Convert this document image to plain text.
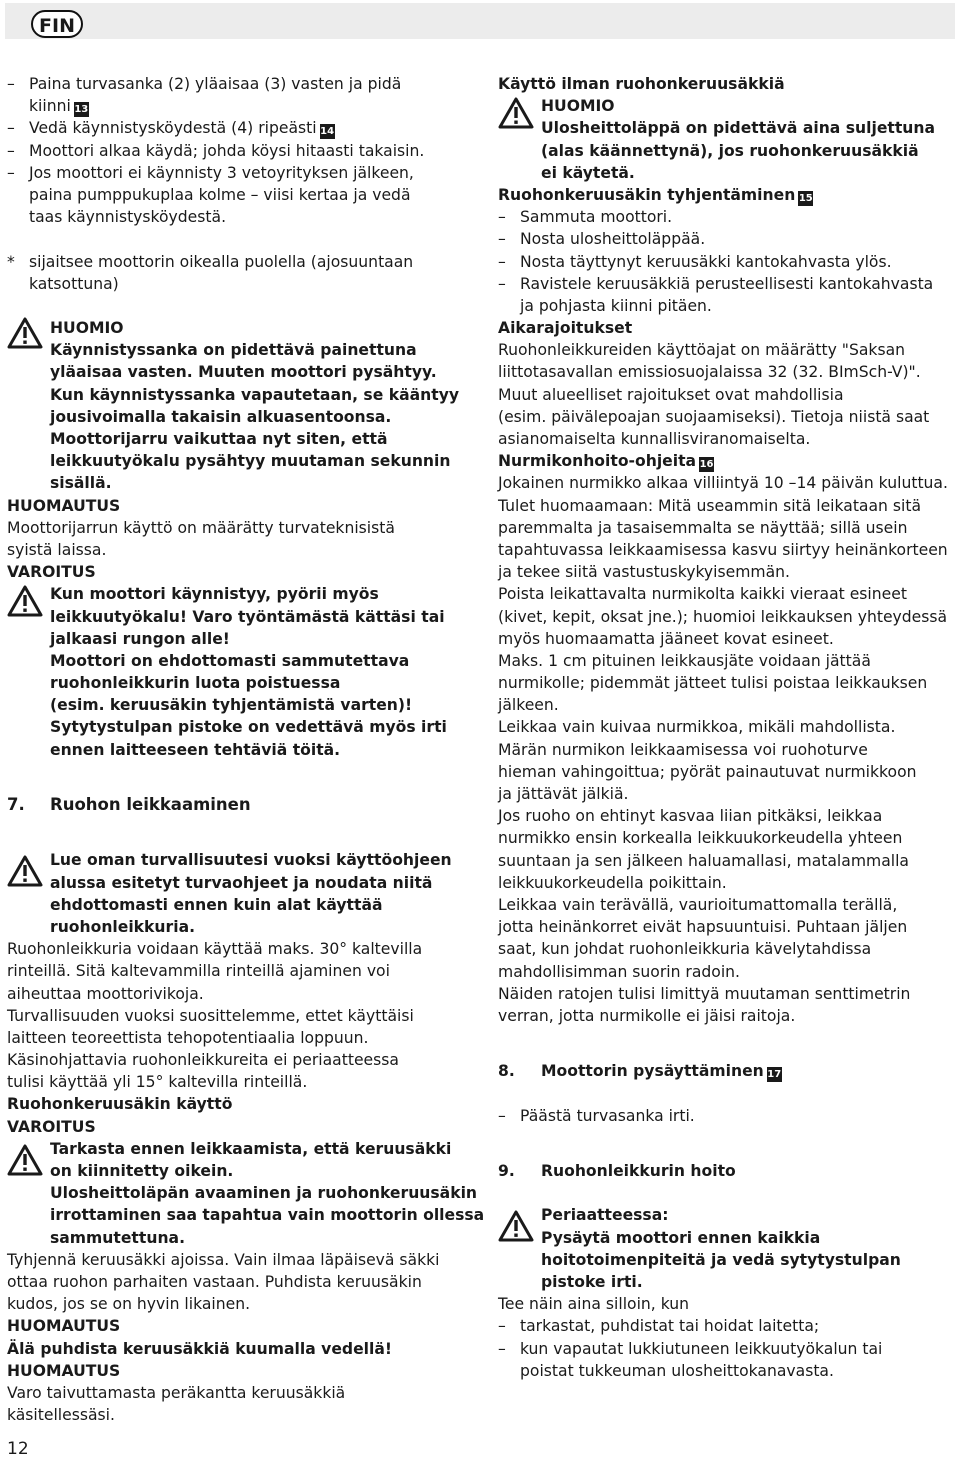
FIN
– Paina turvasanka (2) yläaisaa (3) vasten ja pidä
kiinni 13
– Vedä käynnistysköydestä (4) ripeästi 14
– Moottori alkaa käydä; johda köysi hitaasti takaisin.
– Jos moottori ei käynnisty 3 vetoyrityksen jälkeen,
paina pumppukuplaa kolme – viisi kertaa ja vedä
taas käynnistysköydestä.
* sijaitsee moottorin oikealla puolella (ajosuuntaan
katsottuna)
HUOMIO
Käynnistyssanka on pidettävä painettuna
yläaisaa vasten. Muuten moottori pysähtyy.
Kun käynnistyssanka vapautetaan, se kääntyy
jousivoimalla takaisin alkuasentoonsa.
Moottorijarru vaikuttaa nyt siten, että
leikkuutyökalu pysähtyy muutaman sekunnin
sisällä.
HUOMAUTUS
Moottorijarrun käyttö on määrätty turvateknisistä
syistä laissa.
VAROITUS
Kun moottori käynnistyy, pyörii myös
leikkuutyökalu! Varo työntämästä kättäsi tai
jalkaasi rungon alle!
Moottori on ehdottomasti sammutettava
ruohonleikkurin luota poistuessa
(esim. keruusäkin tyhjentämistä varten)!
Sytytystulpan pistoke on vedettävä myös irti
ennen laitteeseen tehtäviä töitä.
7. Ruohon leikkaaminen
Lue oman turvallisuutesi vuoksi käyttöohjeen
alussa esitetyt turvaohjeet ja noudata niitä
ehdottomasti ennen kuin alat käyttää
ruohonleikkuria.
Ruohonleikkuria voidaan käyttää maks. 30° kaltevilla
rinteillä. Sitä kaltevammilla rinteillä ajaminen voi
aiheuttaa moottorivikoja.
Turvallisuuden vuoksi suosittelemme, ettet käyttäisi
laitteen teoreettista tehopotentiaalia loppuun.
Käsinohjattavia ruohonleikkureita ei periaatteessa
tulisi käyttää yli 15° kaltevilla rinteillä.
Ruohonkeruusäkin käyttö
VAROITUS
Tarkasta ennen leikkaamista, että keruusäkki
on kiinnitetty oikein.
Ulosheittoläpän avaaminen ja ruohonkeruusäkin
irrottaminen saa tapahtua vain moottorin ollessa
sammutettuna.
Tyhjennä keruusäkki ajoissa. Vain ilmaa läpäisevä säkki
ottaa ruohon parhaiten vastaan. Puhdista keruusäkin
kudos, jos se on hyvin likainen.
HUOMAUTUS
Älä puhdista keruusäkkiä kuumalla vedellä!
HUOMAUTUS
Varo taivuttamasta peräkantta keruusäkkiä
käsitellessäsi.
Käyttö ilman ruohonkeruusäkkiä
HUOMIO
Ulosheittoläppä on pidettävä aina suljettuna
(alas käännettynä), jos ruohonkeruusäkkiä
ei käytetä.
Ruohonkeruusäkin tyhjentäminen 15
– Sammuta moottori.
– Nosta ulosheittoläppää.
– Nosta täyttynyt keruusäkki kantokahvasta ylös.
– Ravistele keruusäkkiä perusteellisesti kantokahvasta
ja pohjasta kiinni pitäen.
Aikarajoitukset
Ruohonleikkureiden käyttöajat on määrätty "Saksan
liittotasavallan emissiosuojalaissa 32 (32. BImSch-V)".
Muut alueelliset rajoitukset ovat mahdollisia
(esim. päivälepoajan suojaamiseksi). Tietoja niistä saat
asianomaiselta kunnallisviranomaiselta.
Nurmikonhoito-ohjeita 16
Jokainen nurmikko alkaa villiintyä 10 –14 päivän kuluttua.
Tulet huomaamaan: Mitä useammin sitä leikataan sitä
paremmalta ja tasaisemmalta se näyttää; sillä usein
tapahtuvassa leikkaamisessa kasvu siirtyy heinänkorteen
ja tekee siitä vastustuskykyisemmän.
Poista leikattavalta nurmikolta kaikki vieraat esineet
(kivet, kepit, oksat jne.); huomioi leikkauksen yhteydessä
myös huomaamatta jääneet kovat esineet.
Maks. 1 cm pituinen leikkausjäte voidaan jättää
nurmikolle; pidemmät jätteet tulisi poistaa leikkauksen
jälkeen.
Leikkaa vain kuivaa nurmikkoa, mikäli mahdollista.
Märän nurmikon leikkaamisessa voi ruohoturve
hieman vahingoittua; pyörät painautuvat nurmikkoon
ja jättävät jälkiä.
Jos ruoho on ehtinyt kasvaa liian pitkäksi, leikkaa
nurmikko ensin korkealla leikkuukorkeudella yhteen
suuntaan ja sen jälkeen haluamallasi, matalammalla
leikkuukorkeudella poikittain.
Leikkaa vain terävällä, vaurioitumattomalla terällä,
jotta heinänkorret eivät hapsuuntuisi. Puhtaan jäljen
saat, kun johdat ruohonleikkuria kävelytahdissa
mahdollisimman suorin radoin.
Näiden ratojen tulisi limittyä muutaman senttimetrin
verran, jotta nurmikolle ei jäisi raitoja.
8. Moottorin pysäyttäminen 17
– Päästä turvasanka irti.
9. Ruohonleikkurin hoito
Periaatteessa:
Pysäytä moottori ennen kaikkia
hoitotoimenpiteitä ja vedä sytytystulpan
pistoke irti.
Tee näin aina silloin, kun
– tarkastat, puhdistat tai hoidat laitetta;
– kun vapautat lukkiutuneen leikkuutyökalun tai
poistat tukkeuman ulosheittokanavasta.
12
